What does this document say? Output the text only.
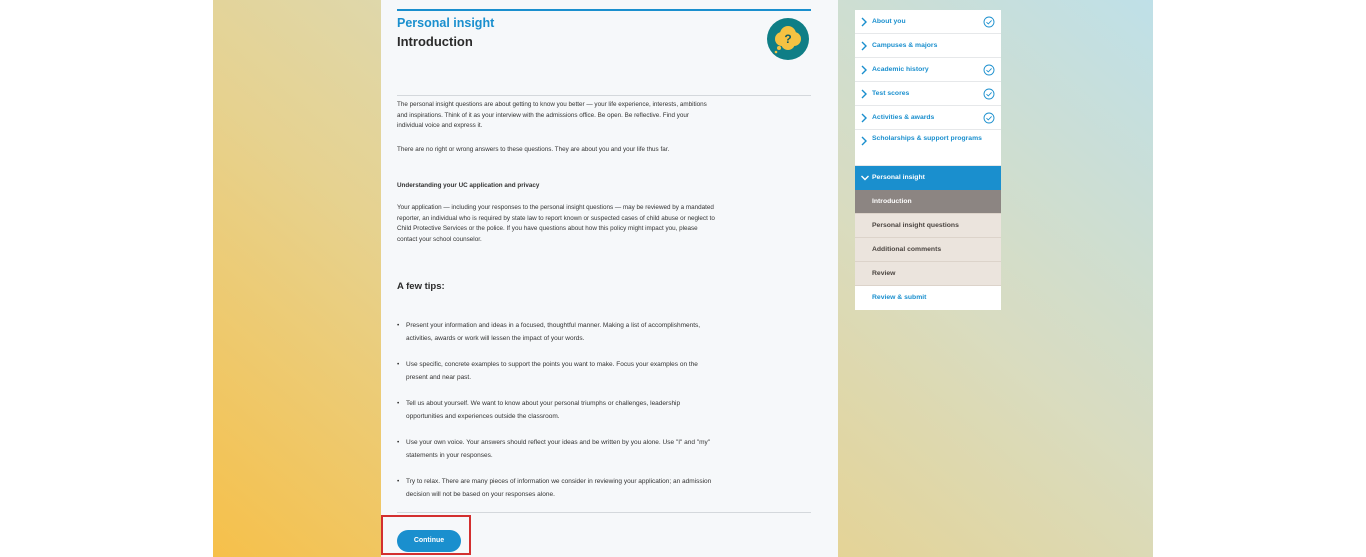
Personal insight
Introduction	?

The personal insight questions are about getting to know you better — your life experience, interests, ambitions and inspirations. Think of it as your interview with the admissions office. Be open. Be reflective. Find your individual voice and express it.

There are no right or wrong answers to these questions. They are about you and your life thus far.

Understanding your UC application and privacy

Your application — including your responses to the personal insight questions — may be reviewed by a mandated reporter, an individual who is required by state law to report known or suspected cases of child abuse or neglect to Child Protective Services or the police. If you have questions about how this policy might impact you, please contact your school counselor.

A few tips:
• Present your information and ideas in a focused, thoughtful manner. Making a list of accomplishments, activities, awards or work will lessen the impact of your words.
• Use specific, concrete examples to support the points you want to make. Focus your examples on the present and near past.
• Tell us about yourself. We want to know about your personal triumphs or challenges, leadership opportunities and experiences outside the classroom.
• Use your own voice. Your answers should reflect your ideas and be written by you alone. Use "I" and "my" statements in your responses.
• Try to relax. There are many pieces of information we consider in reviewing your application; an admission decision will not be based on your responses alone.
Continue
About you
Campuses & majors
Academic history
Test scores
Activities & awards
Scholarships & support programs
Personal insight
Introduction
Personal insight questions
Additional comments
Review
Review & submit
